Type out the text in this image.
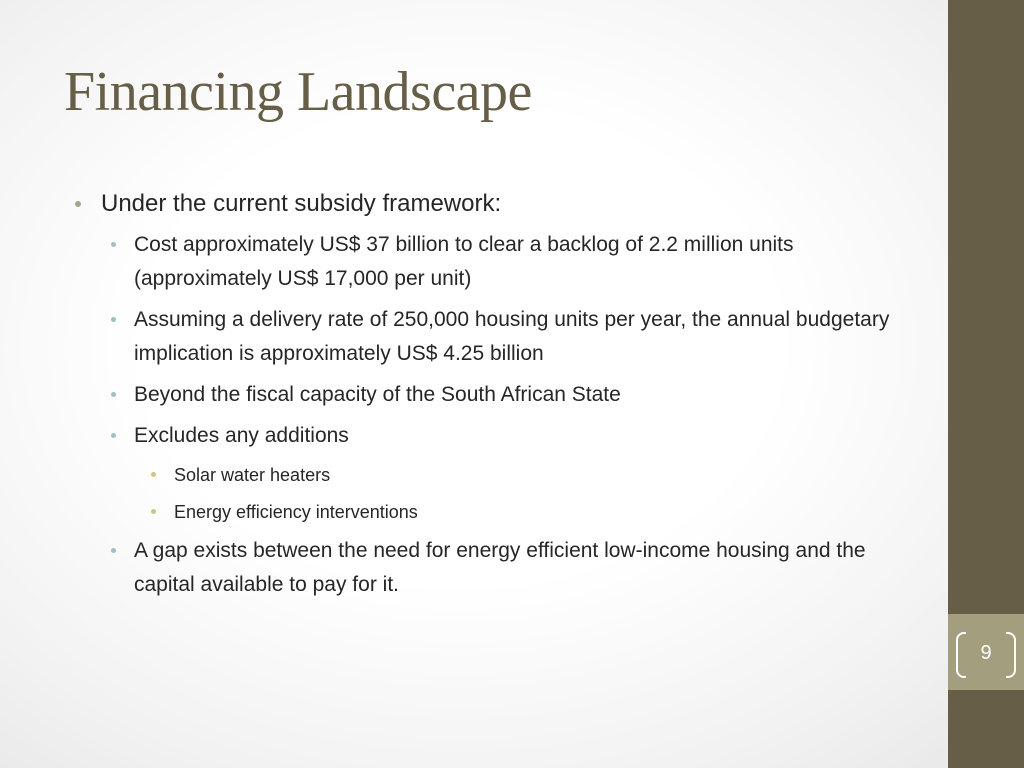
9
Financing Landscape
Under the current subsidy framework:
Cost approximately US$ 37 billion to clear a backlog of 2.2 million units (approximately US$ 17,000 per unit)
Assuming a delivery rate of 250,000 housing units per year, the annual budgetary implication is approximately US$ 4.25 billion
Beyond the fiscal capacity of the South African State
Excludes any additions
Solar water heaters
Energy efficiency interventions
A gap exists between the need for energy efficient low-income housing and the capital available to pay for it.
